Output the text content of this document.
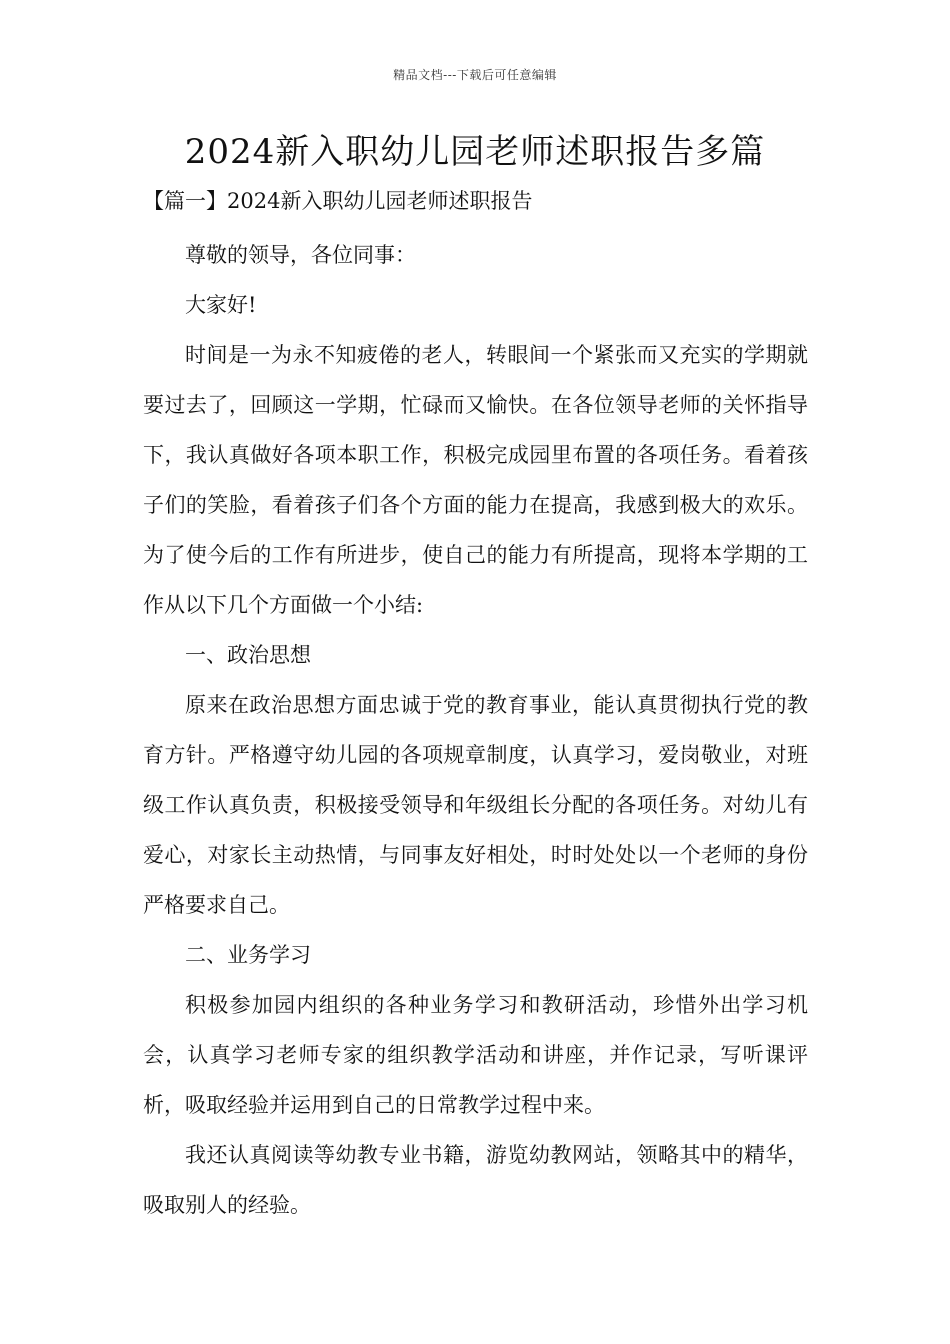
精品文档---下载后可任意编辑
2024新入职幼儿园老师述职报告多篇
【篇一】2024新入职幼儿园老师述职报告

尊敬的领导，各位同事：

大家好!

时间是一为永不知疲倦的老人，转眼间一个紧张而又充实的学期就要过去了，回顾这一学期，忙碌而又愉快。在各位领导老师的关怀指导下，我认真做好各项本职工作，积极完成园里布置的各项任务。看着孩子们的笑脸，看着孩子们各个方面的能力在提高，我感到极大的欢乐。为了使今后的工作有所进步，使自己的能力有所提高，现将本学期的工作从以下几个方面做一个小结:

一、政治思想

原来在政治思想方面忠诚于党的教育事业，能认真贯彻执行党的教育方针。严格遵守幼儿园的各项规章制度，认真学习，爱岗敬业，对班级工作认真负责，积极接受领导和年级组长分配的各项任务。对幼儿有爱心，对家长主动热情，与同事友好相处，时时处处以一个老师的身份严格要求自己。

二、业务学习

积极参加园内组织的各种业务学习和教研活动，珍惜外出学习机会，认真学习老师专家的组织教学活动和讲座，并作记录，写听课评析，吸取经验并运用到自己的日常教学过程中来。

我还认真阅读等幼教专业书籍，游览幼教网站，领略其中的精华，吸取别人的经验。
